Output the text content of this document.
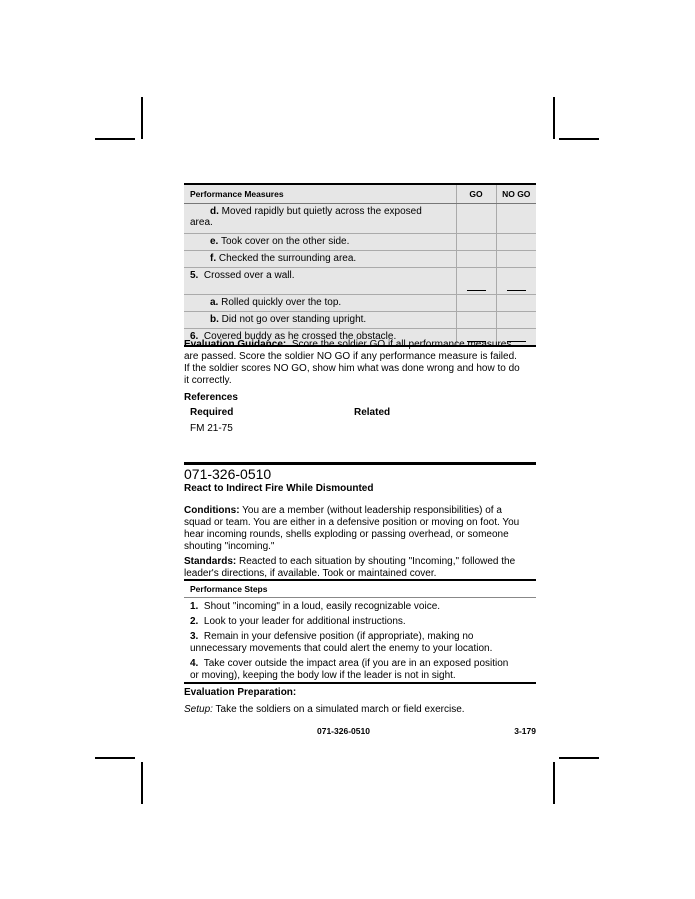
Performance Measures	GO	NO GO
d. Moved rapidly but quietly across the exposed
area.		
e. Took cover on the other side.		
f. Checked the surrounding area.		
5. Crossed over a wall.	

a. Rolled quickly over the top.		
b. Did not go over standing upright.		
6. Covered buddy as he crossed the obstacle.	

Evaluation Guidance: Score the soldier GO if all performance measures

are passed. Score the soldier NO GO if any performance measure is failed.

If the soldier scores NO GO, show him what was done wrong and how to do

it correctly.

References
Required	Related
FM 21-75
071-326-0510
React to Indirect Fire While Dismounted

Conditions: You are a member (without leadership responsibilities) of a

squad or team. You are either in a defensive position or moving on foot. You

hear incoming rounds, shells exploding or passing overhead, or someone

shouting "incoming."

Standards: Reacted to each situation by shouting "Incoming," followed the

leader's directions, if available. Took or maintained cover.

Performance Steps
1. Shout "incoming" in a loud, easily recognizable voice.
2. Look to your leader for additional instructions.
3. Remain in your defensive position (if appropriate), making no
unnecessary movements that could alert the enemy to your location.
4. Take cover outside the impact area (if you are in an exposed position
or moving), keeping the body low if the leader is not in sight.
Evaluation Preparation:
Setup: Take the soldiers on a simulated march or field exercise.
071-326-0510	3-179
